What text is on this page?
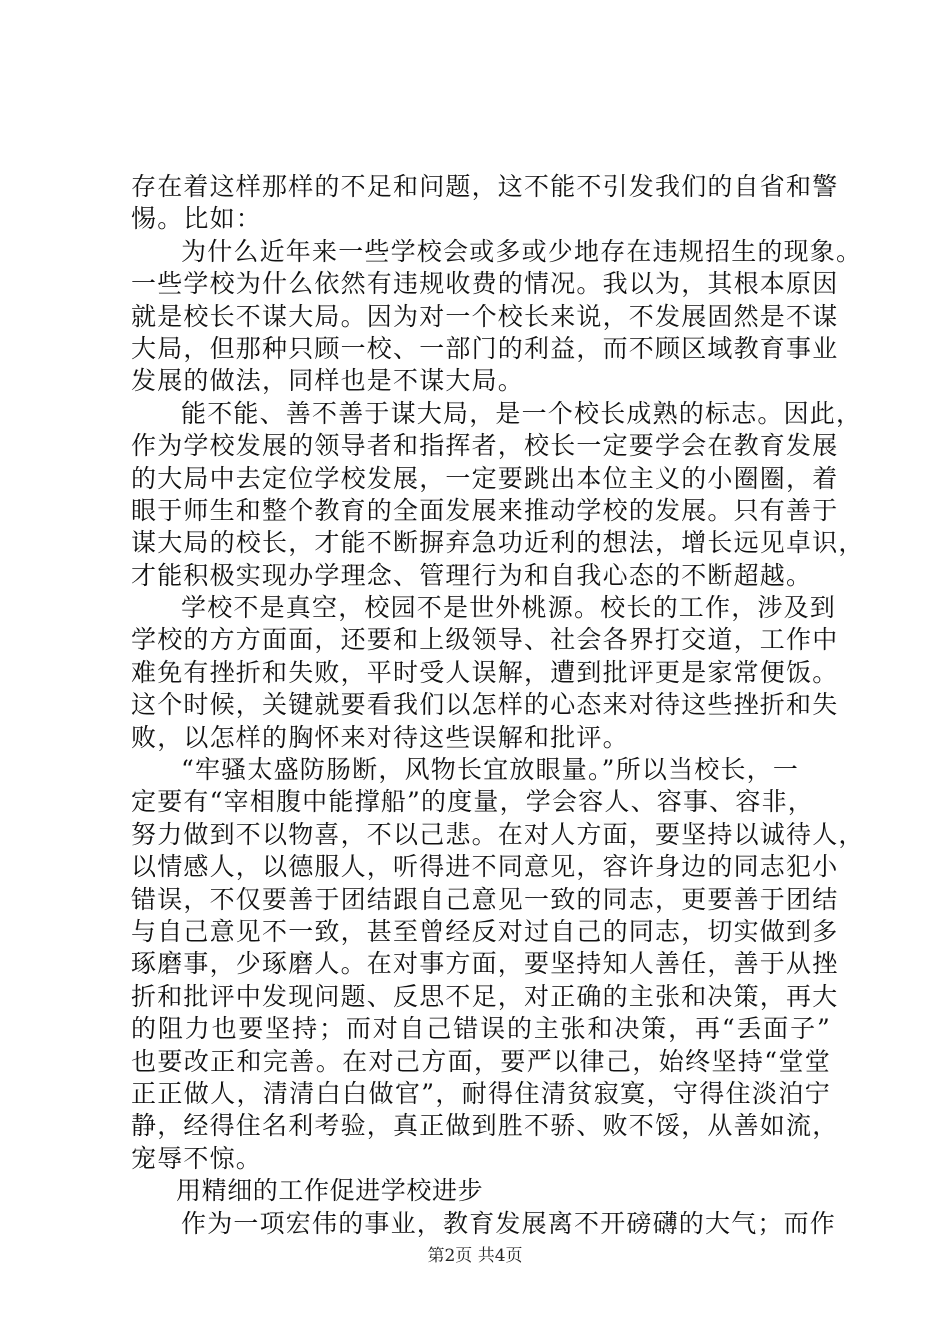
存在着这样那样的不足和问题，这不能不引发我们的自省和警
惕。比如：
为什么近年来一些学校会或多或少地存在违规招生的现象。
一些学校为什么依然有违规收费的情况。我以为，其根本原因
就是校长不谋大局。因为对一个校长来说，不发展固然是不谋
大局，但那种只顾一校、一部门的利益，而不顾区域教育事业
发展的做法，同样也是不谋大局。
能不能、善不善于谋大局，是一个校长成熟的标志。因此，
作为学校发展的领导者和指挥者，校长一定要学会在教育发展
的大局中去定位学校发展，一定要跳出本位主义的小圈圈，着
眼于师生和整个教育的全面发展来推动学校的发展。只有善于
谋大局的校长，才能不断摒弃急功近利的想法，增长远见卓识，
才能积极实现办学理念、管理行为和自我心态的不断超越。
学校不是真空，校园不是世外桃源。校长的工作，涉及到
学校的方方面面，还要和上级领导、社会各界打交道，工作中
难免有挫折和失败，平时受人误解，遭到批评更是家常便饭。
这个时候，关键就要看我们以怎样的心态来对待这些挫折和失
败，以怎样的胸怀来对待这些误解和批评。
“牢骚太盛防肠断，风物长宜放眼量。”所以当校长，一
定要有“宰相腹中能撑船”的度量，学会容人、容事、容非，
努力做到不以物喜，不以己悲。在对人方面，要坚持以诚待人，
以情感人，以德服人，听得进不同意见，容许身边的同志犯小
错误，不仅要善于团结跟自己意见一致的同志，更要善于团结
与自己意见不一致，甚至曾经反对过自己的同志，切实做到多
琢磨事，少琢磨人。在对事方面，要坚持知人善任，善于从挫
折和批评中发现问题、反思不足，对正确的主张和决策，再大
的阻力也要坚持；而对自己错误的主张和决策，再“丢面子”
也要改正和完善。在对己方面，要严以律己，始终坚持“堂堂
正正做人，清清白白做官”，耐得住清贫寂寞，守得住淡泊宁
静，经得住名利考验，真正做到胜不骄、败不馁，从善如流，
宠辱不惊。
用精细的工作促进学校进步
作为一项宏伟的事业，教育发展离不开磅礴的大气；而作
第2页 共4页
